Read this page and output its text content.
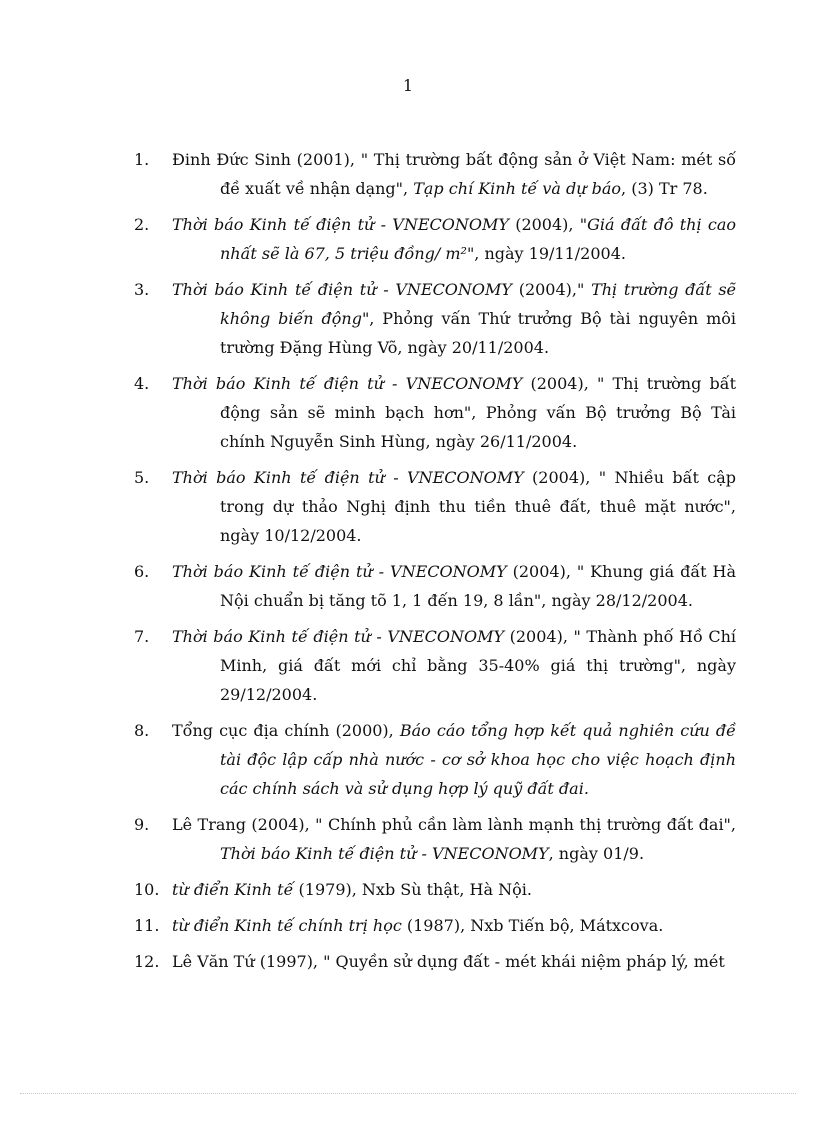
1
1.	Đinh Đức Sinh (2001), " Thị trường bất động sản ở Việt Nam: mét số đề xuất về nhận dạng", Tạp chí Kinh tế và dự báo, (3) Tr 78.
2.	Thời báo Kinh tế điện tử - VNECONOMY (2004), "Giá đất đô thị cao nhất sẽ là 67, 5 triệu đồng/ m²", ngày 19/11/2004.
3.	Thời báo Kinh tế điện tử - VNECONOMY (2004)," Thị trường đất sẽ không biến động", Phỏng vấn Thứ trưởng Bộ tài nguyên môi trường Đặng Hùng Võ, ngày 20/11/2004.
4.	Thời báo Kinh tế điện tử - VNECONOMY (2004), " Thị trường bất động sản sẽ minh bạch hơn", Phỏng vấn Bộ trưởng Bộ Tài chính Nguyễn Sinh Hùng, ngày 26/11/2004.
5.	Thời báo Kinh tế điện tử - VNECONOMY (2004), " Nhiều bất cập trong dự thảo Nghị định thu tiền thuê đất, thuê mặt nước", ngày 10/12/2004.
6.	Thời báo Kinh tế điện tử - VNECONOMY (2004), " Khung giá đất Hà Nội chuẩn bị tăng tõ 1, 1 đến 19, 8 lần", ngày 28/12/2004.
7.	Thời báo Kinh tế điện tử - VNECONOMY (2004), " Thành phố Hồ Chí Minh, giá đất mới chỉ bằng 35-40% giá thị trường", ngày 29/12/2004.
8.	Tổng cục địa chính (2000), Báo cáo tổng hợp kết quả nghiên cứu đề tài độc lập cấp nhà nước - cơ sở khoa học cho việc hoạch định các chính sách và sử dụng hợp lý quỹ đất đai.
9.	Lê Trang (2004), " Chính phủ cần làm lành mạnh thị trường đất đai", Thời báo Kinh tế điện tử - VNECONOMY, ngày 01/9.
10. từ điển Kinh tế (1979), Nxb Sù thật, Hà Nội.
11. từ điển Kinh tế chính trị học (1987), Nxb Tiến bộ, Mátxcova.
12. Lê Văn Tứ (1997), " Quyền sử dụng đất - mét khái niệm pháp lý, mét
